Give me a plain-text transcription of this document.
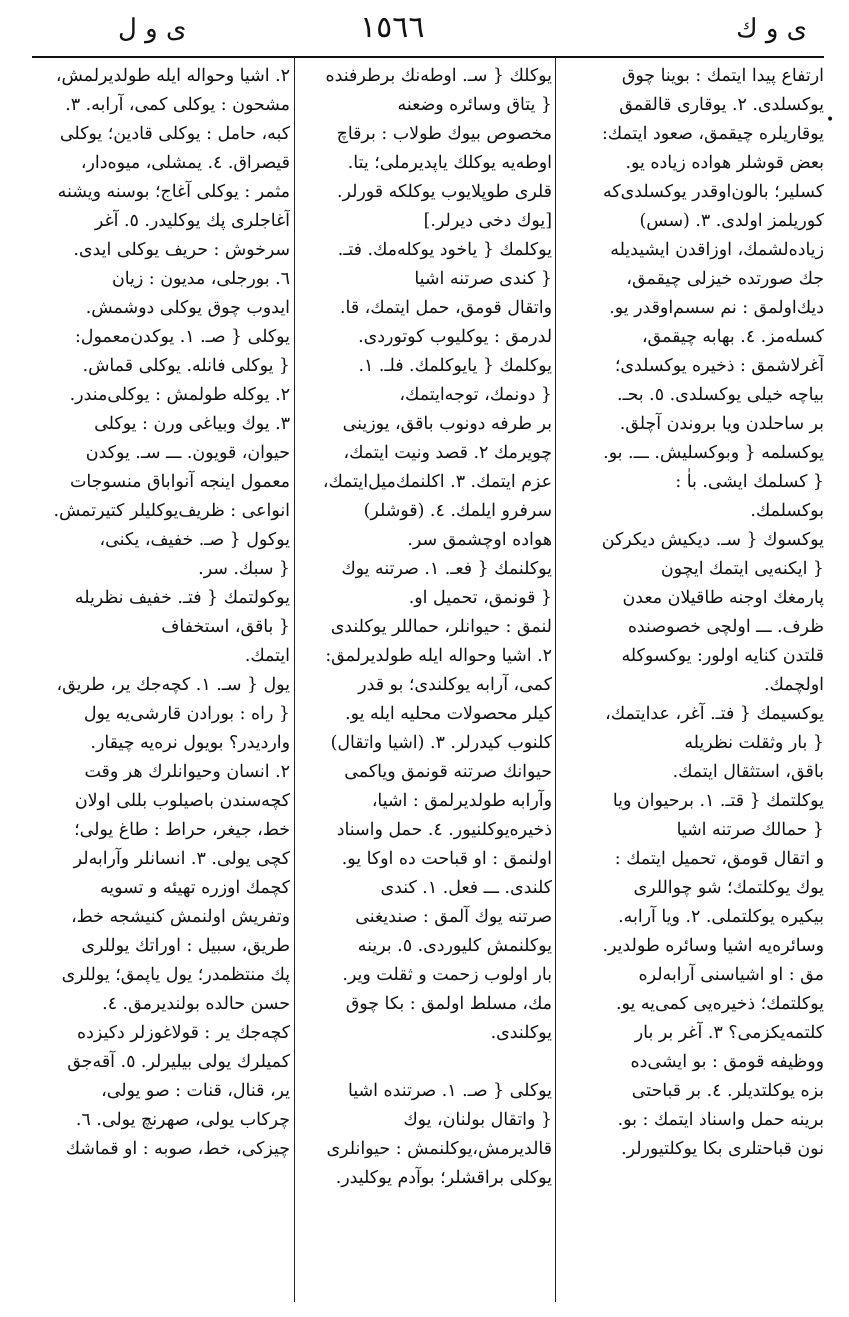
ی و ك
١٥٦٦
ی و ل
•
ارتفاع پیدا ایتمك : بوینا چوق
یوكسلدی. ٢. یوقاری قالقمق
یوقاریلره چیقمق، صعود ایتمك:
بعض قوشلر هواده زیاده یو.
كسلیر؛ بالون‌اوقدر یوكسلدی‌كه
كوریلمز اولدی. ٣. (سس)
زیاده‌لشمك، اوزاقدن ایشیدیله
جك صورتده خیزلی چیقمق،
دیك‌اولمق : نم سسم‌اوقدر یو.
كسله‌مز. ٤. بهابه چیقمق،
آغرلاشمق : ذخیره یوكسلدی؛
بیاچه خیلی یوكسلدی. ٥. بحـ.
بر ساحلدن ویا بروندن آچلق.
یوكسلمه { وبوكسلیش. ـــ. بو.
{ كسلمك ایشی. باٰ :
بوكسلمك.
یوكسوك { سـ. دیكیش دیكركن
{ ایكنه‌یی ایتمك ایچون
پارمغك اوجنه طاقیلان معدن
ظرف. ـــ اولچی خصوصنده
قلتدن كنایه اولور: یوكسوكله
اولچمك.
یوكسیمك { فتـ. آغر، عدایتمك،
{ بار وثقلت نظریله
باقق، استثقال ایتمك.
یوكلتمك { قتـ. ١. برحیوان ویا
{ حمالك صرتنه اشیا
و اتقال قومق، تحمیل ایتمك :
یوك یوكلتمك؛ شو چواللری
بیكیره یوكلتملی. ٢. ویا آرابه.
وسائره‌یه اشیا وسائره طولدیر.
مق : او اشیاسنی آرابه‌لره
یوكلتمك؛ ذخیره‌یی كمی‌یه یو.
كلتمه‌یكزمی؟ ٣. آغر بر بار
ووظیفه قومق : بو ایشی‌ده
بزه یوكلتدیلر. ٤. بر قباحتی
برینه حمل واسناد ایتمك : بو.
نون قباحتلری بكا یوكلتیورلر.
یوكلك { سـ. اوطه‌نك برطرفنده
{ یتاق وسائره وضعنه
مخصوص بیوك طولاب : برقاچ
اوطه‌یه یوكلك یاپدیرملی؛ یتا.
قلری طوپلایوب یوكلكه قورلر.
[یوك دخی دیرلر.]
یوكلمك { یاخود یوكله‌مك. فتـ.
{ كندی صرتنه اشیا
واتقال قومق، حمل ایتمك، قا.
لدرمق : یوكلیوب كوتوردی.
یوكلمك { یایوكلمك. فلـ. ١.
{ دونمك، توجه‌ایتمك،
بر طرفه دونوب باقق، یوزینی
چویرمك ٢. قصد ونیت ایتمك،
عزم ایتمك. ٣. اكلنمك‌میل‌ایتمك،
سرفرو ایلمك. ٤. (قوشلر)
هواده اوچشمق سر.
یوكلنمك { فعـ. ١. صرتنه یوك
{ قونمق، تحمیل او.
لنمق : حیوانلر، حماللر یوكلندی
٢. اشیا وحواله ایله طولدیرلمق:
كمی، آرابه یوكلندی؛ بو قدر
كیلر محصولات محلیه ایله یو.
كلنوب كیدرلر. ٣. (اشیا واتقال)
حیوانك صرتنه قونمق ویاكمی
وآرابه طولدیرلمق : اشیا،
ذخیره‌یوكلنیور. ٤. حمل واسناد
اولنمق : او قباحت ده اوكا یو.
كلندی. ـــ فعل. ١. كندی
صرتنه یوك آلمق : صندیغنی
یوكلنمش كلیوردی. ٥. برینه
بار اولوب زحمت و ثقلت ویر.
مك، مسلط اولمق : بكا چوق
یوكلندی.
یوكلی { صـ. ١. صرتنده اشیا
{ واتقال بولنان، یوك
قالدیرمش،یوكلنمش : حیوانلری
یوكلی براقشلر؛ بوآدم یوكلیدر.
٢. اشیا وحواله ایله طولدیرلمش،
مشحون : یوكلی كمی، آرابه. ٣.
كبه، حامل : یوكلی قادین؛ یوكلی
قیصراق. ٤. یمشلی، میوه‌دار،
مثمر : یوكلی آغاج؛ بوسنه ویشنه
آغاجلری پك یوكلیدر. ٥. آغر
سرخوش : حریف یوكلی ایدی.
٦. بورجلی، مدیون : زیان
ایدوب چوق یوكلی دوشمش.
یوكلی { صـ. ١. یوكدن‌معمول:
{ یوكلی فانله. یوكلی قماش.
٢. یوكله طولمش : یوكلی‌مندر.
٣. یوك وبیاغی ورن : یوكلی
حیوان، قویون. ـــ سـ. یوكدن
معمول اینجه آنواباق منسوجات
انواعی : ظریف‌یوكلیلر كتیرتمش.
یوكول { صـ. خفیف، یكنی،
{ سبك. سر.
یوكولتمك { فتـ. خفیف نظریله
{ باقق، استخفاف
ایتمك.
یول { سـ. ١. كچه‌جك یر، طریق،
{ راه : بورادن قارشی‌یه یول
واردیدر؟ بویول نره‌یه چیقار.
٢. انسان وحیوانلرك هر وقت
كچه‌سندن باصیلوب بللی اولان
خط، جیغر، حراط : طاغ یولی؛
كچی یولی. ٣. انسانلر وآرابه‌لر
كچمك اوزره تهیئه و تسویه
وتفریش اولنمش كنیشجه خط،
طریق، سبیل : اوراتك یوللری
پك منتظمدر؛ یول یاپمق؛ یوللری
حسن حالده بولندیرمق. ٤.
كچه‌جك یر : قولاغوزلر دكیزده
كمیلرك یولی بیلیرلر. ٥. آقه‌جق
یر، قنال، قنات : صو یولی،
چركاب یولی، صهرنچ یولی. ٦.
چیزكی، خط، صوبه : او قماشك
